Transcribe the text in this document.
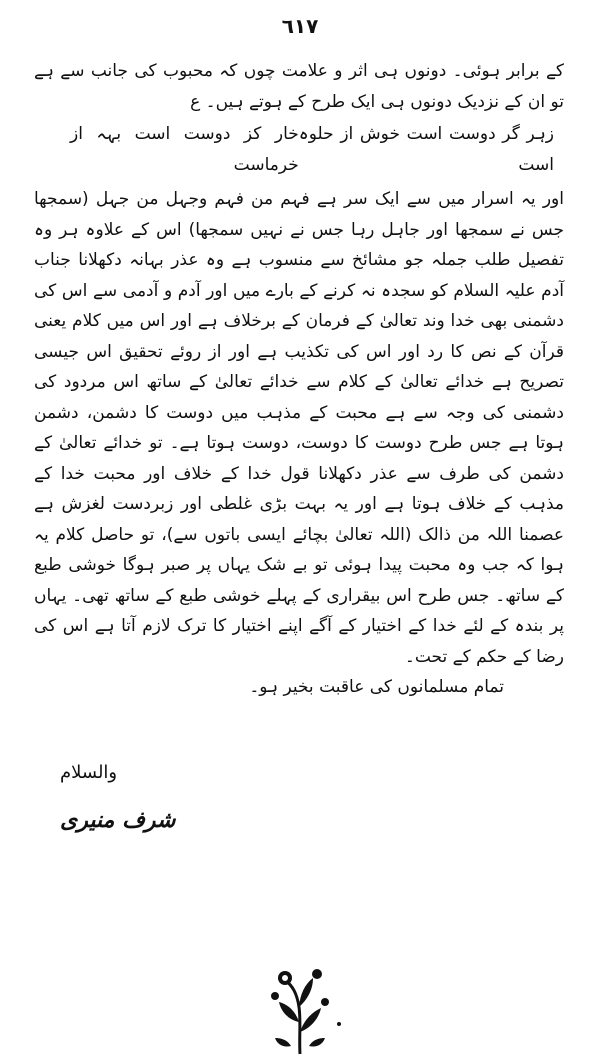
٦١٧

کے برابر ہوئی۔ دونوں ہی اثر و علامت چوں کہ محبوب کی جانب سے ہے تو ان کے نزدیک دونوں ہی ایک طرح کے ہوتے ہیں۔ ع

زہر گر دوست است خوش از حلوہ است
خار کز دوست است بہہ از خرماست

اور یہ اسرار میں سے ایک سر ہے فہم من فہم وجہل من جہل (سمجھا جس نے سمجھا اور جاہل رہا جس نے نہیں سمجھا) اس کے علاوہ ہر وہ تفصیل طلب جملہ جو مشائخ سے منسوب ہے وہ عذر بہانہ دکھلانا جناب آدم علیہ السلام کو سجدہ نہ کرنے کے بارے میں اور آدم و آدمی سے اس کی دشمنی بھی خدا وند تعالیٰ کے فرمان کے برخلاف ہے اور اس میں کلام یعنی قرآن کے نص کا رد اور اس کی تکذیب ہے اور از روئے تحقیق اس جیسی تصریح ہے خدائے تعالیٰ کے کلام سے خدائے تعالیٰ کے ساتھ اس مردود کی دشمنی کی وجہ سے ہے محبت کے مذہب میں دوست کا دشمن، دشمن ہوتا ہے جس طرح دوست کا دوست، دوست ہوتا ہے۔ تو خدائے تعالیٰ کے دشمن کی طرف سے عذر دکھلانا قول خدا کے خلاف اور محبت خدا کے مذہب کے خلاف ہوتا ہے اور یہ بہت بڑی غلطی اور زبردست لغزش ہے عصمنا اللہ من ذالک (اللہ تعالیٰ بچائے ایسی باتوں سے)، تو حاصل کلام یہ ہوا کہ جب وہ محبت پیدا ہوئی تو بے شک یہاں پر صبر ہوگا خوشی طبع کے ساتھ۔ جس طرح اس بیقراری کے پہلے خوشی طبع کے ساتھ تھی۔ یہاں پر بندہ کے لئے خدا کے اختیار کے آگے اپنے اختیار کا ترک لازم آتا ہے اس کی رضا کے حکم کے تحت۔

تمام مسلمانوں کی عاقبت بخیر ہو۔

والسلام
شرف منیری
